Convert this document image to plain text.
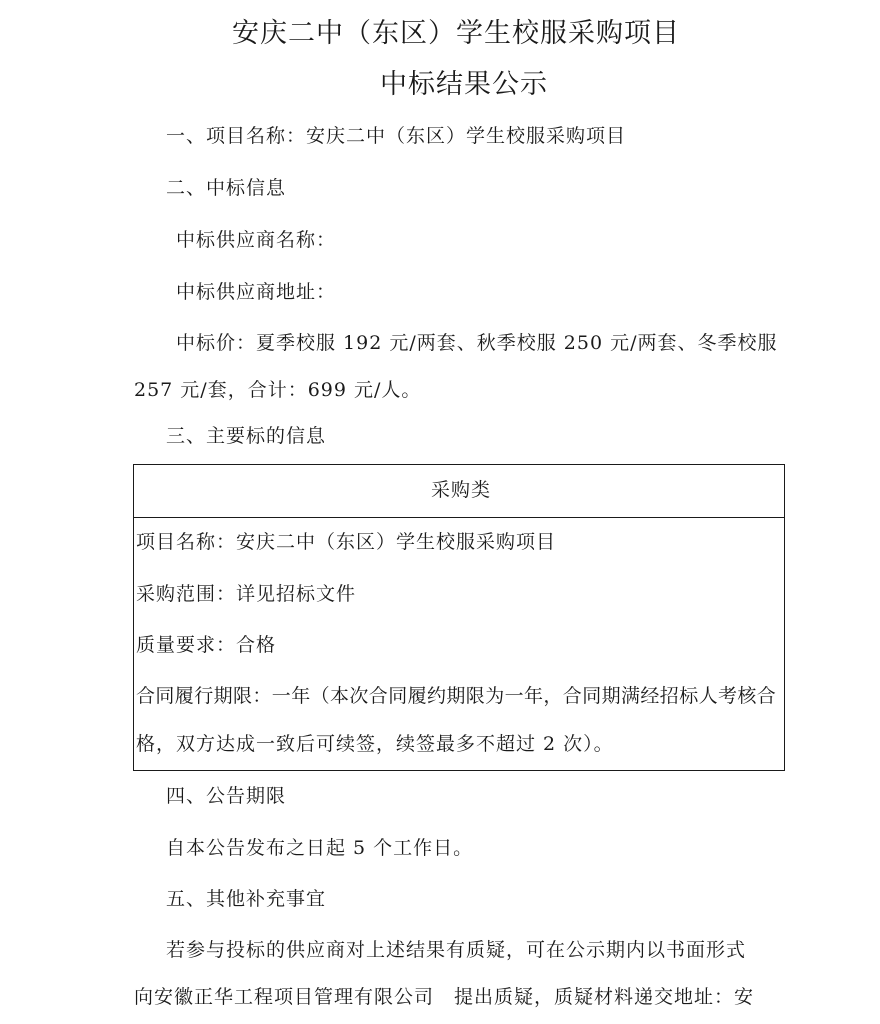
安庆二中（东区）学生校服采购项目
中标结果公示
一、项目名称：安庆二中（东区）学生校服采购项目
二、中标信息
中标供应商名称：
中标供应商地址：
中标价：夏季校服 192 元/两套、秋季校服 250 元/两套、冬季校服
257 元/套，合计：699 元/人。
三、主要标的信息
采购类
项目名称：安庆二中（东区）学生校服采购项目
采购范围：详见招标文件
质量要求：合格
合同履行期限：一年（本次合同履约期限为一年，合同期满经招标人考核合
格，双方达成一致后可续签，续签最多不超过 2 次）。
四、公告期限
自本公告发布之日起 5 个工作日。
五、其他补充事宜
若参与投标的供应商对上述结果有质疑，可在公示期内以书面形式
向安徽正华工程项目管理有限公司　提出质疑，质疑材料递交地址：安
